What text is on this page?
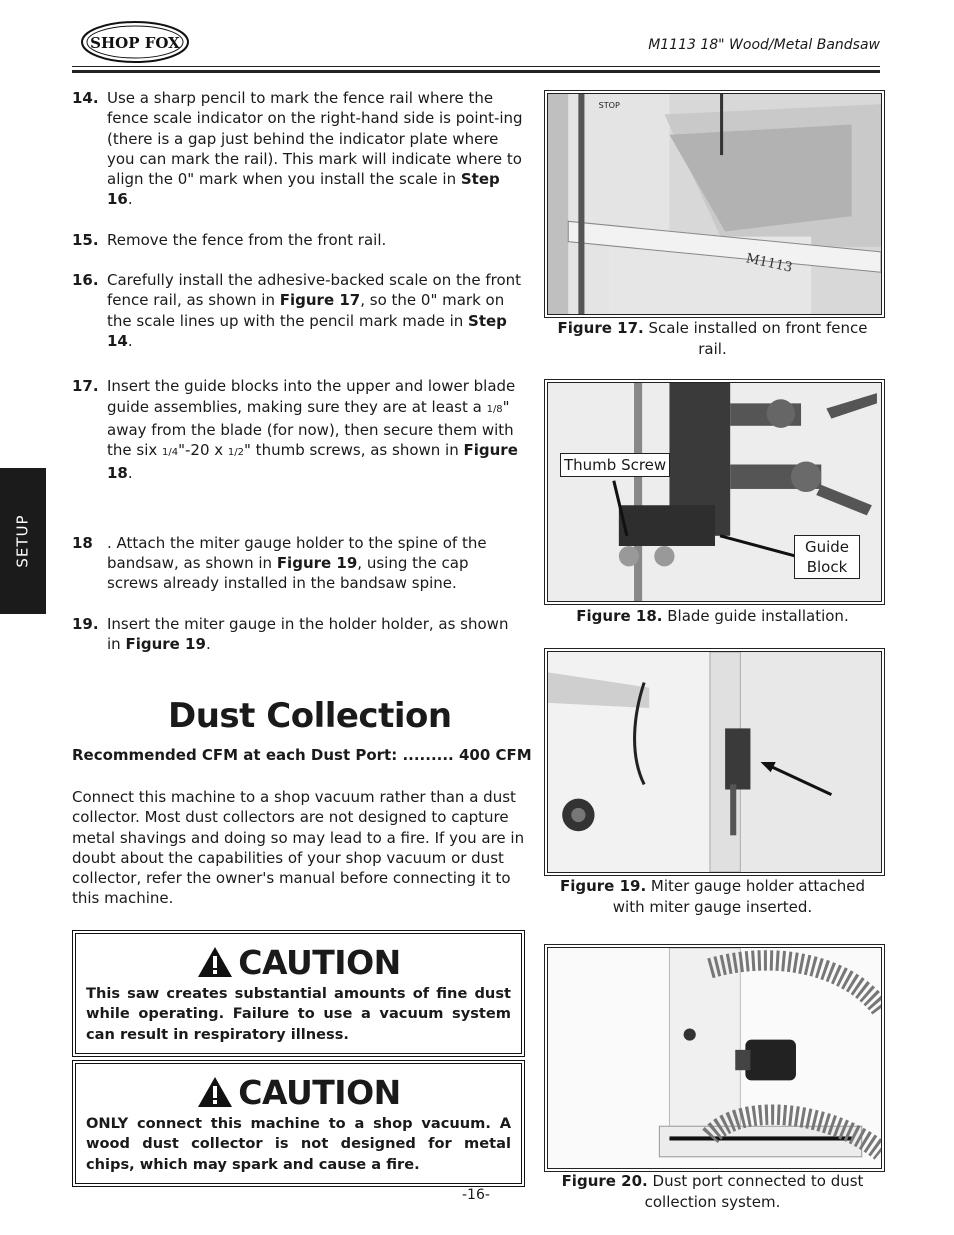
SHOP FOX	M1113 18" Wood/Metal Bandsaw
SETUP
14. Use a sharp pencil to mark the fence rail where the fence scale indicator on the right-hand side is point-ing (there is a gap just behind the indicator plate where you can mark the rail). This mark will indicate where to align the 0" mark when you install the scale in Step 16.
15. Remove the fence from the front rail.
16. Carefully install the adhesive-backed scale on the front fence rail, as shown in Figure 17, so the 0" mark on the scale lines up with the pencil mark made in Step 14.
17. Insert the guide blocks into the upper and lower blade guide assemblies, making sure they are at least a 1/8" away from the blade (for now), then secure them with the six 1/4"-20 x 1/2" thumb screws, as shown in Figure 18.
18 . Attach the miter gauge holder to the spine of the bandsaw, as shown in Figure 19, using the cap screws already installed in the bandsaw spine.
19. Insert the miter gauge in the holder holder, as shown in Figure 19.
Dust Collection
Recommended CFM at each Dust Port: ......... 400 CFM
Connect this machine to a shop vacuum rather than a dust collector. Most dust collectors are not designed to capture metal shavings and doing so may lead to a fire. If you are in doubt about the capabilities of your shop vacuum or dust collector, refer the owner's manual before connecting it to this machine.
CAUTION
This saw creates substantial amounts of fine dust while operating. Failure to use a vacuum system can result in respiratory illness.
CAUTION
ONLY connect this machine to a shop vacuum. A wood dust collector is not designed for metal chips, which may spark and cause a fire.
-16-
STOP
M1113
Figure 17. Scale installed on front fence rail.
Thumb Screw
Guide Block
Figure 18. Blade guide installation.
Figure 19. Miter gauge holder attached with miter gauge inserted.
Figure 20. Dust port connected to dust collection system.
